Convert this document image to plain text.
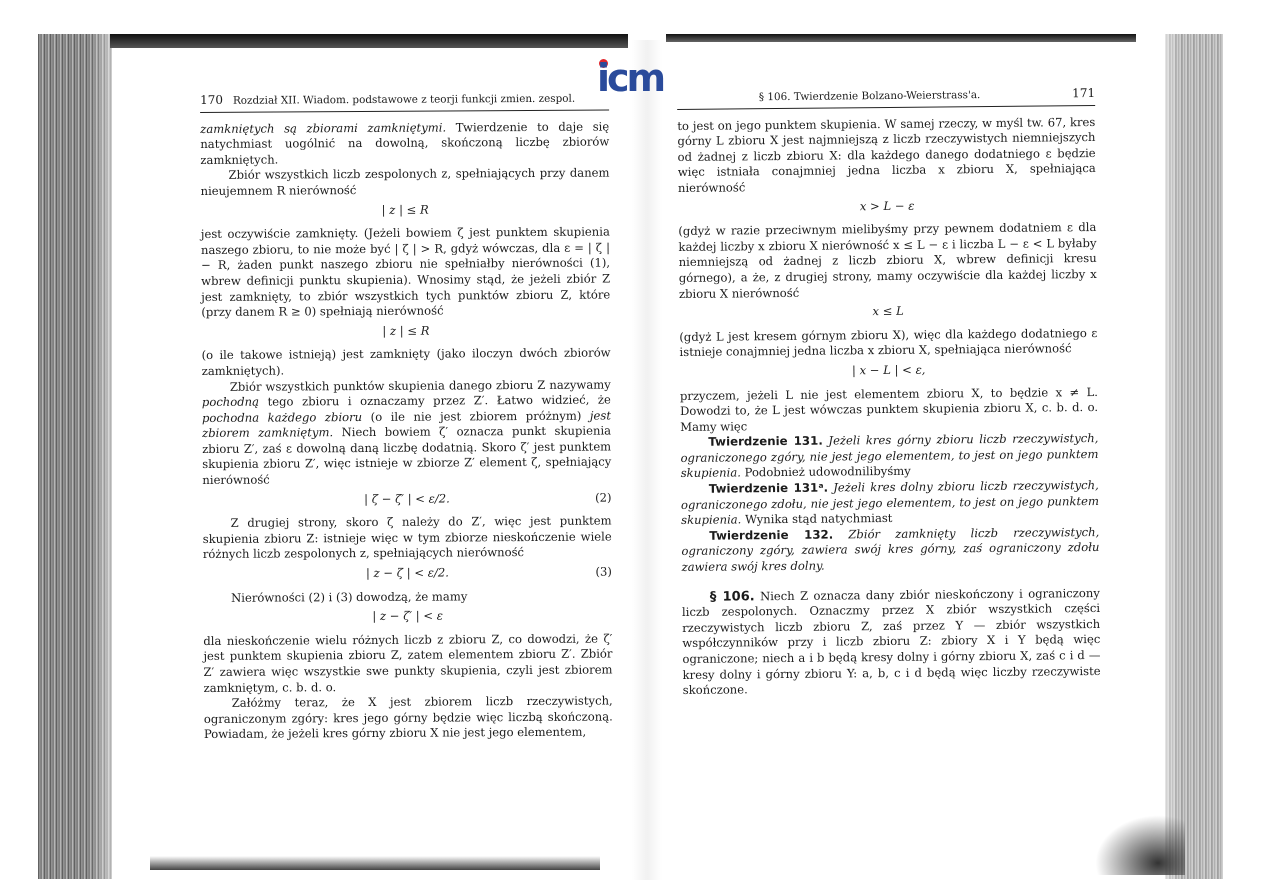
icm
170 Rozdział XII. Wiadom. podstawowe z teorji funkcji zmien. zespol.

zamkniętych są zbiorami zamkniętymi. Twierdzenie to daje się natychmiast uogólnić na dowolną, skończoną liczbę zbiorów zamkniętych.

Zbiór wszystkich liczb zespolonych z, spełniających przy danem nieujemnem R nierówność

| z | ≤ R

jest oczywiście zamknięty. (Jeżeli bowiem ζ jest punktem skupienia naszego zbioru, to nie może być | ζ | > R, gdyż wówczas, dla ε = | ζ | − R, żaden punkt naszego zbioru nie spełniałby nierówności (1), wbrew definicji punktu skupienia). Wnosimy stąd, że jeżeli zbiór Z jest zamknięty, to zbiór wszystkich tych punktów zbioru Z, które (przy danem R ≥ 0) spełniają nierówność

| z | ≤ R

(o ile takowe istnieją) jest zamknięty (jako iloczyn dwóch zbiorów zamkniętych).

Zbiór wszystkich punktów skupienia danego zbioru Z nazywamy pochodną tego zbioru i oznaczamy przez Z′. Łatwo widzieć, że pochodna każdego zbioru (o ile nie jest zbiorem próżnym) jest zbiorem zamkniętym. Niech bowiem ζ′ oznacza punkt skupienia zbioru Z′, zaś ε dowolną daną liczbę dodatnią. Skoro ζ′ jest punktem skupienia zbioru Z′, więc istnieje w zbiorze Z′ element ζ, spełniający nierówność

| ζ − ζ′ | < ε/2.	(2)

Z drugiej strony, skoro ζ należy do Z′, więc jest punktem skupienia zbioru Z: istnieje więc w tym zbiorze nieskończenie wiele różnych liczb zespolonych z, spełniających nierówność

| z − ζ | < ε/2.	(3)

Nierówności (2) i (3) dowodzą, że mamy

| z − ζ′ | < ε

dla nieskończenie wielu różnych liczb z zbioru Z, co dowodzi, że ζ′ jest punktem skupienia zbioru Z, zatem elementem zbioru Z′. Zbiór Z′ zawiera więc wszystkie swe punkty skupienia, czyli jest zbiorem zamkniętym, c. b. d. o.

Załóżmy teraz, że X jest zbiorem liczb rzeczywistych, ograniczonym zgóry: kres jego górny będzie więc liczbą skończoną. Powiadam, że jeżeli kres górny zbioru X nie jest jego elementem,

§ 106. Twierdzenie Bolzano-Weierstrass'a.	171

to jest on jego punktem skupienia. W samej rzeczy, w myśl tw. 67, kres górny L zbioru X jest najmniejszą z liczb rzeczywistych niemniejszych od żadnej z liczb zbioru X: dla każdego danego dodatniego ε będzie więc istniała conajmniej jedna liczba x zbioru X, spełniająca nierówność

x > L − ε

(gdyż w razie przeciwnym mielibyśmy przy pewnem dodatniem ε dla każdej liczby x zbioru X nierówność x ≤ L − ε i liczba L − ε < L byłaby niemniejszą od żadnej z liczb zbioru X, wbrew definicji kresu górnego), a że, z drugiej strony, mamy oczywiście dla każdej liczby x zbioru X nierówność

x ≤ L

(gdyż L jest kresem górnym zbioru X), więc dla każdego dodatniego ε istnieje conajmniej jedna liczba x zbioru X, spełniająca nierówność

| x − L | < ε,

przyczem, jeżeli L nie jest elementem zbioru X, to będzie x ≠ L. Dowodzi to, że L jest wówczas punktem skupienia zbioru X, c. b. d. o. Mamy więc

Twierdzenie 131. Jeżeli kres górny zbioru liczb rzeczywistych, ograniczonego zgóry, nie jest jego elementem, to jest on jego punktem skupienia. Podobnież udowodnilibyśmy

Twierdzenie 131ᵃ. Jeżeli kres dolny zbioru liczb rzeczywistych, ograniczonego zdołu, nie jest jego elementem, to jest on jego punktem skupienia. Wynika stąd natychmiast

Twierdzenie 132. Zbiór zamknięty liczb rzeczywistych, ograniczony zgóry, zawiera swój kres górny, zaś ograniczony zdołu zawiera swój kres dolny.

§ 106. Niech Z oznacza dany zbiór nieskończony i ograniczony liczb zespolonych. Oznaczmy przez X zbiór wszystkich części rzeczywistych liczb zbioru Z, zaś przez Y — zbiór wszystkich współczynników przy i liczb zbioru Z: zbiory X i Y będą więc ograniczone; niech a i b będą kresy dolny i górny zbioru X, zaś c i d — kresy dolny i górny zbioru Y: a, b, c i d będą więc liczby rzeczywiste skończone.
